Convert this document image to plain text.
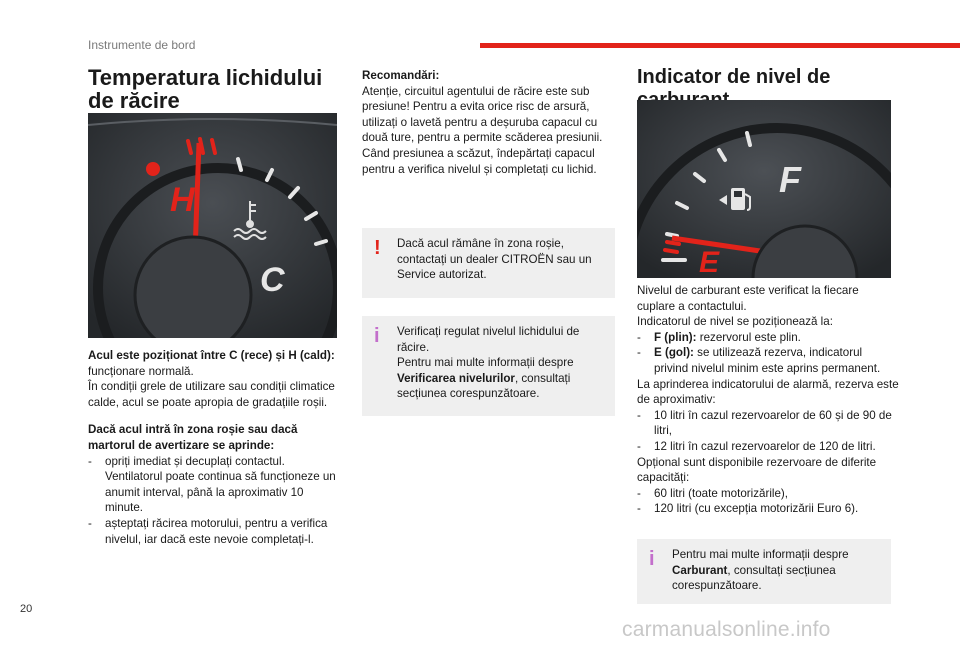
Instrumente de bord
Temperatura lichidului de răcire
H
C

Acul este poziționat între C (rece) și H (cald): funcționare normală.

În condiții grele de utilizare sau condiții climatice calde, acul se poate apropia de gradațiile roșii.

Dacă acul intră în zona roșie sau dacă martorul de avertizare se aprinde:

- opriți imediat și decuplați contactul. Ventilatorul poate continua să funcționeze un anumit interval, până la aproximativ 10 minute.

- așteptați răcirea motorului, pentru a verifica nivelul, iar dacă este nevoie completați-l.

Recomandări:

Atenție, circuitul agentului de răcire este sub presiune! Pentru a evita orice risc de arsură, utilizați o lavetă pentru a deșuruba capacul cu două ture, pentru a permite scăderea presiunii. Când presiunea a scăzut, îndepărtați capacul pentru a verifica nivelul și completați cu lichid.

! Dacă acul rămâne în zona roșie, contactați un dealer CITROËN sau un Service autorizat.

i Verificați regulat nivelul lichidului de răcire.

Pentru mai multe informații despre Verificarea nivelurilor, consultați secțiunea corespunzătoare.

Indicator de nivel de
F
E

Nivelul de carburant este verificat la fiecare cuplare a contactului.

Indicatorul de nivel se poziționează la:

- F (plin): rezervorul este plin.

- E (gol): se utilizează rezerva, indicatorul privind nivelul minim este aprins permanent.

La aprinderea indicatorului de alarmă, rezerva este de aproximativ:

- 10 litri în cazul rezervoarelor de 60 și de 90 de litri,

- 12 litri în cazul rezervoarelor de 120 de litri.

Opțional sunt disponibile rezervoare de diferite capacități:

- 60 litri (toate motorizările),

- 120 litri (cu excepția motorizării Euro 6).

i Pentru mai multe informații despre Carburant, consultați secțiunea corespunzătoare.

20
carmanualsonline.info
